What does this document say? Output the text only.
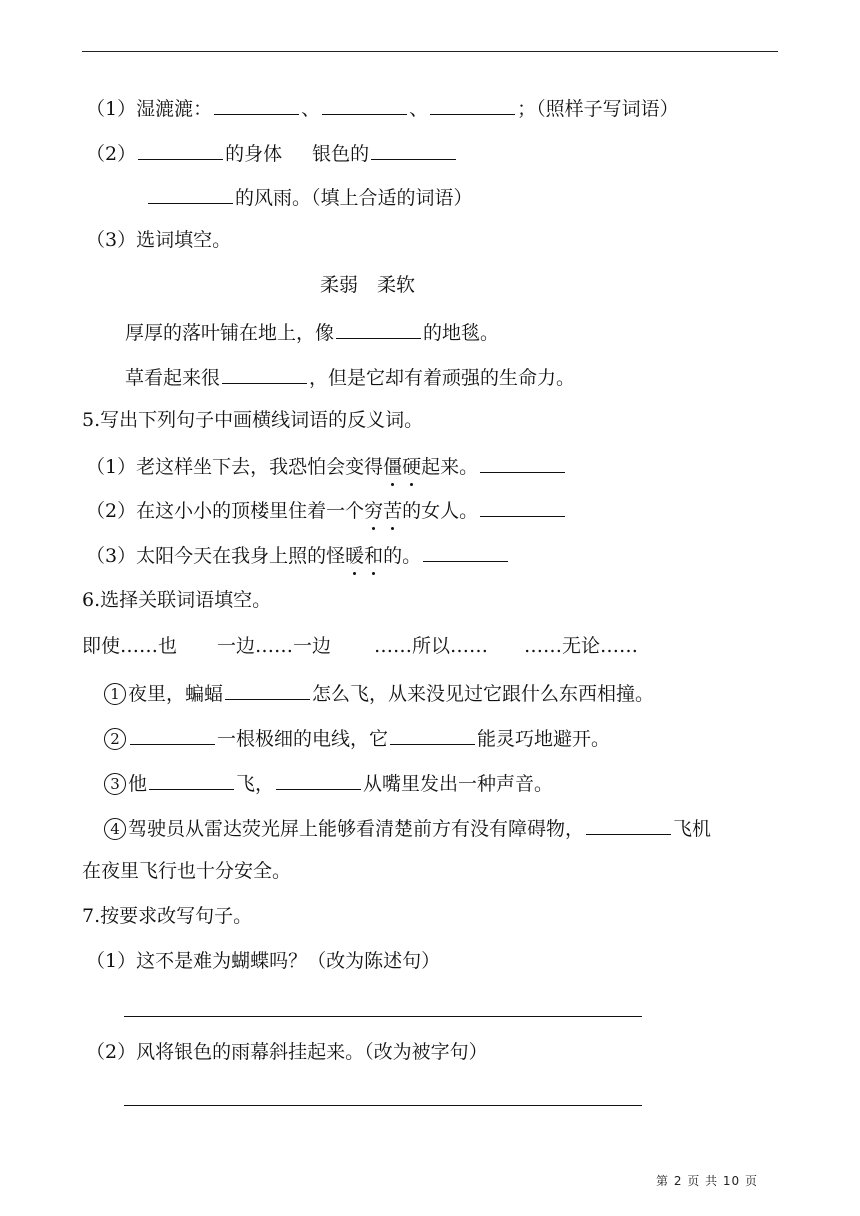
（1）湿漉漉：	、	、	；（照样子写词语）
（2）	的身体 银色的
的风雨。（填上合适的词语）
（3）选词填空。
柔弱　柔软
厚厚的落叶铺在地上，像	的地毯。
草看起来很	，但是它却有着顽强的生命力。
5.写出下列句子中画横线词语的反义词。
（1）老这样坐下去，我恐怕会变得僵硬起来。
（2）在这小小的顶楼里住着一个穷苦的女人。
（3）太阳今天在我身上照的怪暖和的。
6.选择关联词语填空。
即使……也 一边……一边 ……所以…… ……无论……
1 夜里，蝙蝠	怎么飞，从来没见过它跟什么东西相撞。
2	一根极细的电线，它	能灵巧地避开。
3 他	飞，	从嘴里发出一种声音。
4 驾驶员从雷达荧光屏上能够看清楚前方有没有障碍物，	飞机
在夜里飞行也十分安全。
7.按要求改写句子。
（1）这不是难为蝴蝶吗？（改为陈述句）
（2）风将银色的雨幕斜挂起来。（改为被字句）
第 2 页 共 10 页
